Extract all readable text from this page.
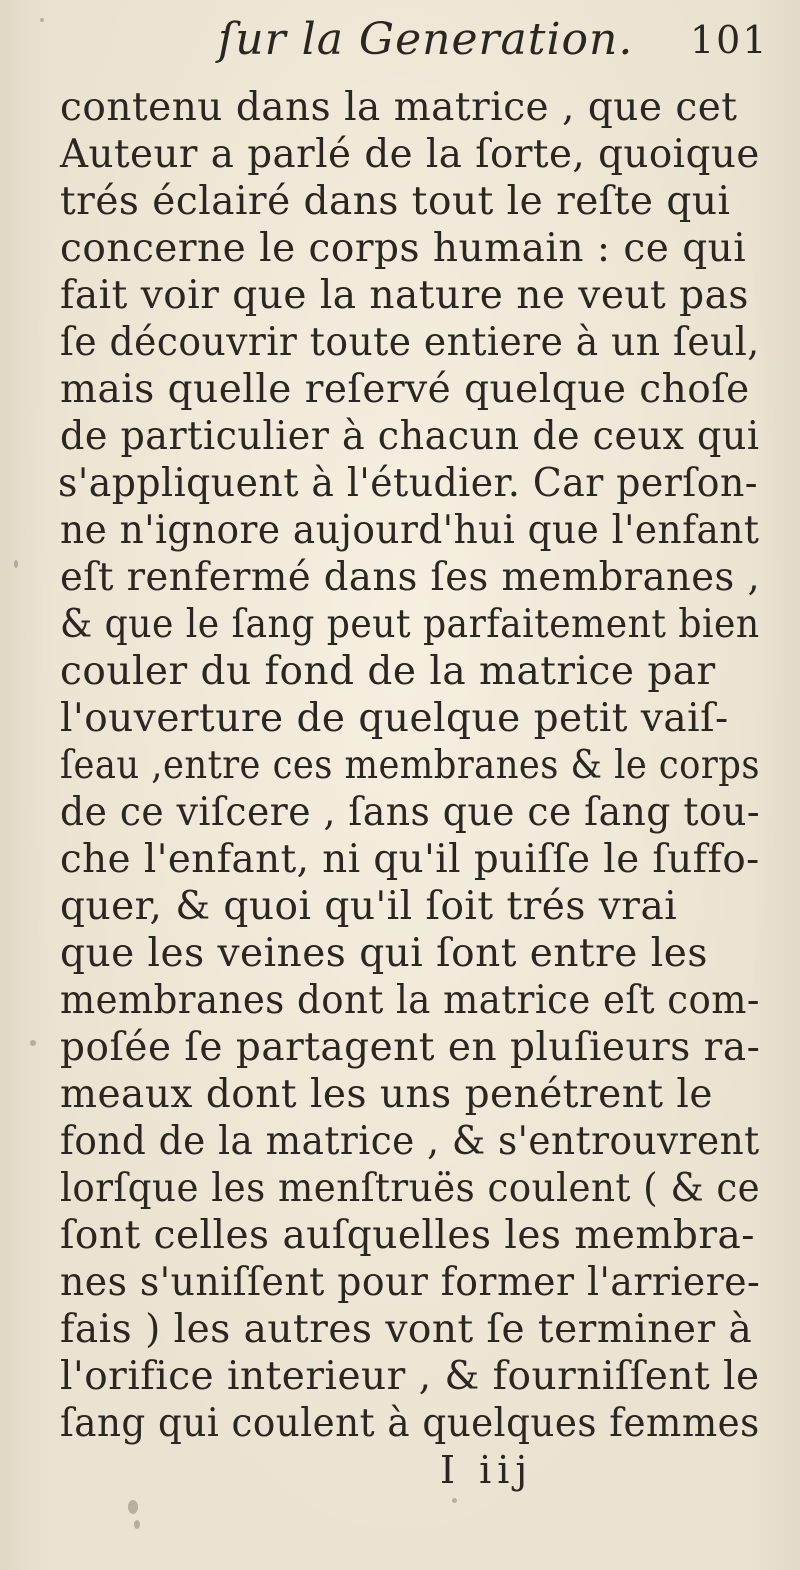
ſur la Generation. 101
contenu dans la matrice , que cet
Auteur a parlé de la ſorte, quoique
trés éclairé dans tout le reſte qui
concerne le corps humain : ce qui
fait voir que la nature ne veut pas
ſe découvrir toute entiere à un ſeul,
mais quelle reſervé quelque choſe
de particulier à chacun de ceux qui
s'appliquent à l'étudier. Car perſon-
ne n'ignore aujourd'hui que l'enfant
eſt renfermé dans ſes membranes ,
& que le ſang peut parfaitement bien
couler du fond de la matrice par
l'ouverture de quelque petit vaiſ-
ſeau ,entre ces membranes & le corps
de ce viſcere , ſans que ce ſang tou-
che l'enfant, ni qu'il puiſſe le ſuffo-
quer, & quoi qu'il ſoit trés vrai
que les veines qui ſont entre les
membranes dont la matrice eſt com-
poſée ſe partagent en pluſieurs ra-
meaux dont les uns penétrent le
fond de la matrice , & s'entrouvrent
lorſque les menſtruës coulent ( & ce
ſont celles auſquelles les membra-
nes s'uniſſent pour former l'arriere-
fais ) les autres vont ſe terminer à
l'orifice interieur , & fourniſſent le
ſang qui coulent à quelques femmes
I iij
